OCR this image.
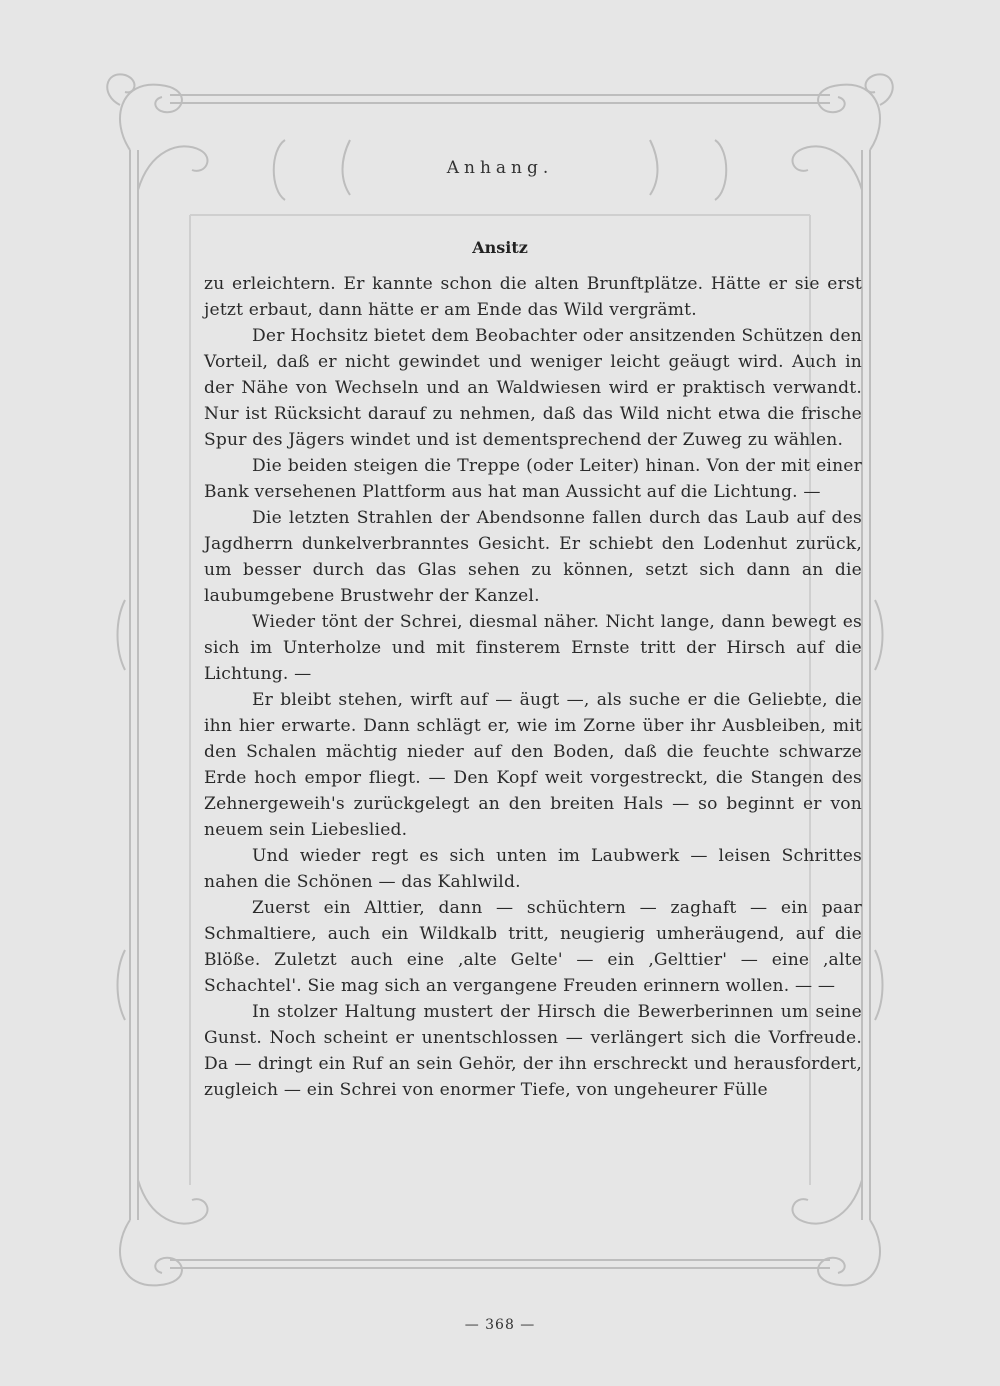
Anhang.
Ansitz

zu erleichtern. Er kannte schon die alten Brunftplätze. Hätte er sie erst jetzt erbaut, dann hätte er am Ende das Wild vergrämt.

Der Hochsitz bietet dem Beobachter oder ansitzenden Schützen den Vorteil, daß er nicht gewindet und weniger leicht geäugt wird. Auch in der Nähe von Wechseln und an Waldwiesen wird er praktisch verwandt. Nur ist Rücksicht darauf zu nehmen, daß das Wild nicht etwa die frische Spur des Jägers windet und ist dementsprechend der Zuweg zu wählen.

Die beiden steigen die Treppe (oder Leiter) hinan. Von der mit einer Bank versehenen Plattform aus hat man Aussicht auf die Lichtung. —

Die letzten Strahlen der Abendsonne fallen durch das Laub auf des Jagdherrn dunkelverbranntes Gesicht. Er schiebt den Lodenhut zurück, um besser durch das Glas sehen zu können, setzt sich dann an die laubumgebene Brustwehr der Kanzel.

Wieder tönt der Schrei, diesmal näher. Nicht lange, dann bewegt es sich im Unterholze und mit finsterem Ernste tritt der Hirsch auf die Lichtung. —

Er bleibt stehen, wirft auf — äugt —, als suche er die Geliebte, die ihn hier erwarte. Dann schlägt er, wie im Zorne über ihr Ausbleiben, mit den Schalen mächtig nieder auf den Boden, daß die feuchte schwarze Erde hoch empor fliegt. — Den Kopf weit vorgestreckt, die Stangen des Zehnergeweih's zurückgelegt an den breiten Hals — so beginnt er von neuem sein Liebeslied.

Und wieder regt es sich unten im Laubwerk — leisen Schrittes nahen die Schönen — das Kahlwild.

Zuerst ein Alttier, dann — schüchtern — zaghaft — ein paar Schmaltiere, auch ein Wildkalb tritt, neugierig umheräugend, auf die Blöße. Zuletzt auch eine ‚alte Gelte' — ein ‚Gelttier' — eine ‚alte Schachtel'. Sie mag sich an vergangene Freuden erinnern wollen. — —

In stolzer Haltung mustert der Hirsch die Bewerberinnen um seine Gunst. Noch scheint er unentschlossen — verlängert sich die Vorfreude. Da — dringt ein Ruf an sein Gehör, der ihn erschreckt und herausfordert, zugleich — ein Schrei von enormer Tiefe, von ungeheurer Fülle

— 368 —
